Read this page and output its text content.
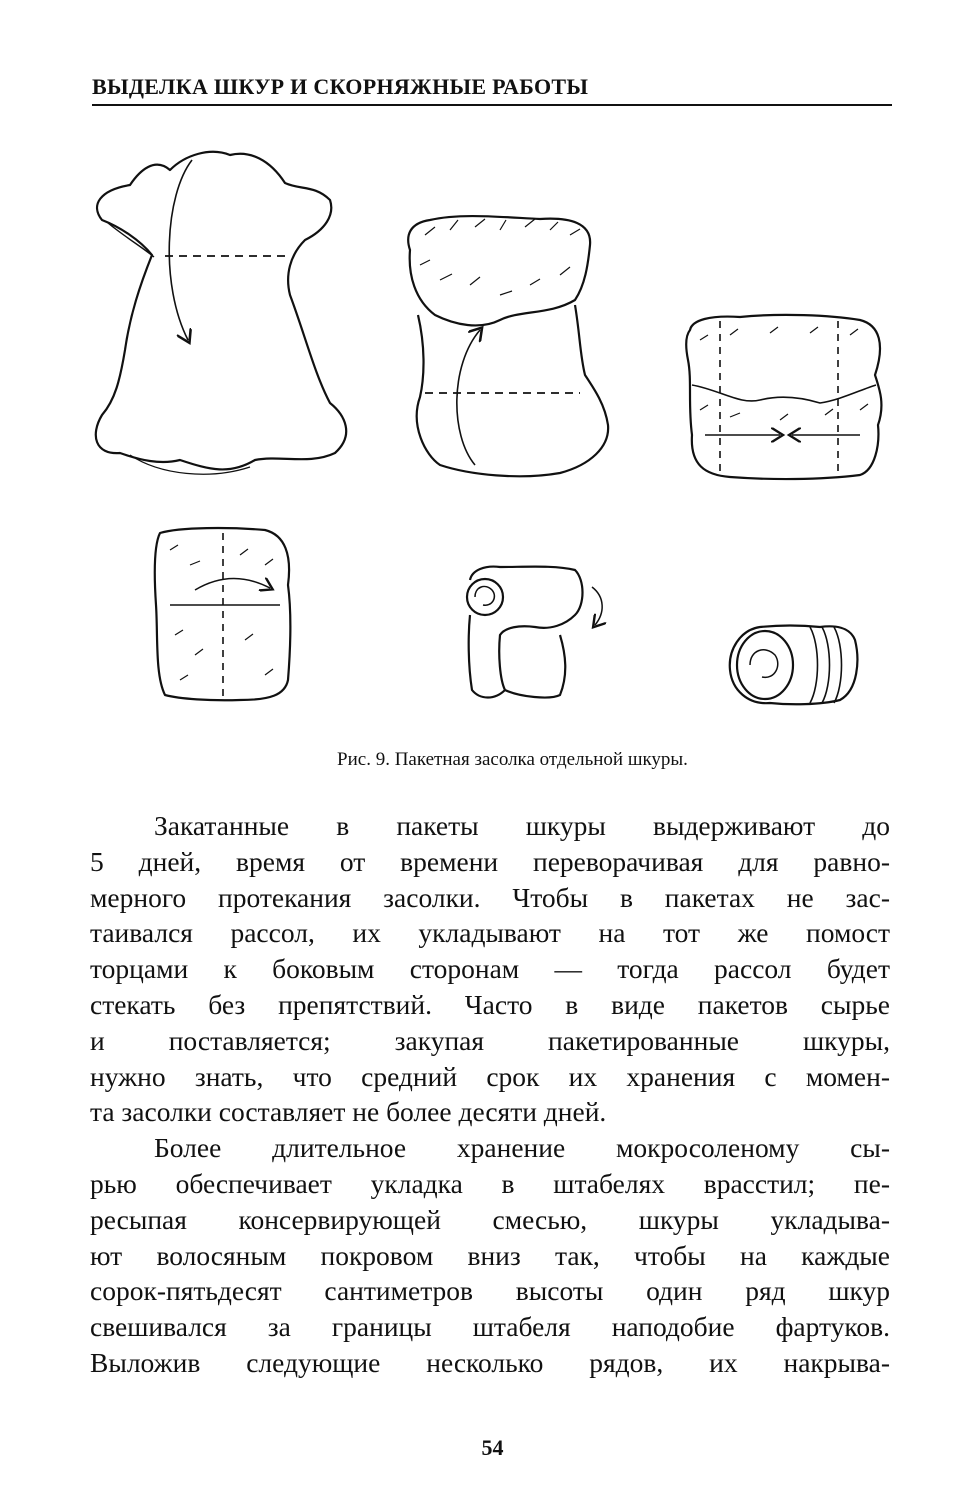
ВЫДЕЛКА ШКУР И СКОРНЯЖНЫЕ РАБОТЫ
Рис. 9. Пакетная засолка отдельной шкуры.
Закатанные в пакеты шкуры выдерживают до
5 дней, время от времени переворачивая для равно-
мерного протекания засолки. Чтобы в пакетах не зас-
таивался рассол, их укладывают на тот же помост
торцами к боковым сторонам — тогда рассол будет
стекать без препятствий. Часто в виде пакетов сырье
и поставляется; закупая пакетированные шкуры,
нужно знать, что средний срок их хранения с момен-
та засолки составляет не более десяти дней.
Более длительное хранение мокросоленому сы-
рью обеспечивает укладка в штабелях врасстил; пе-
ресыпая консервирующей смесью, шкуры укладыва-
ют волосяным покровом вниз так, чтобы на каждые
сорок-пятьдесят сантиметров высоты один ряд шкур
свешивался за границы штабеля наподобие фартуков.
Выложив следующие несколько рядов, их накрыва-
54
